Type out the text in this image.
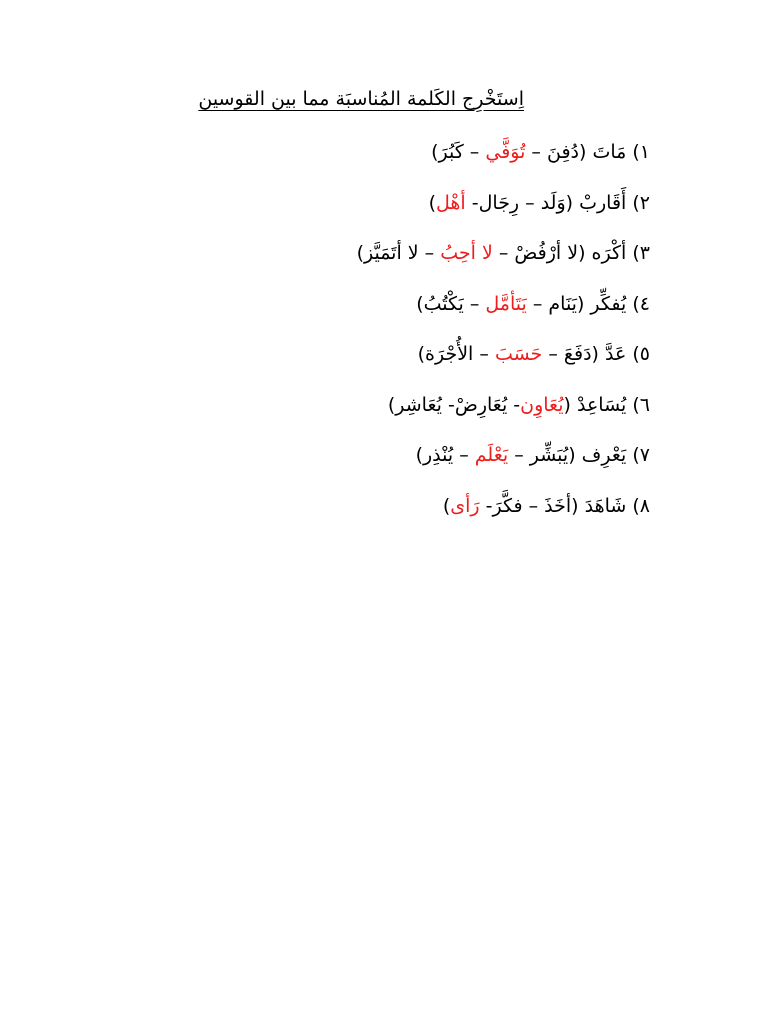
اِستَخْرِج الكَلمة المُناسبَة مما بين القوسين
١) مَاتَ (دُفِنَ – تُوَفَّي – كَبُرَ)
٢) أَقَاربْ (وَلَد – رِجَال- أهْل)
٣) أكْرَه (لا أرْفُضْ – لا أحِبُ – لا أتَمَيَّز)
٤) يُفكِّر (يَنَام – يَتَأمَّل – يَكْتُبُ)
٥) عَدَّ (دَفَعَ – حَسَبَ – الأُجْرَة)
٦) يُسَاعِدْ (يُعَاوِن- يُعَارِضْ- يُعَاشِر)
٧) يَعْرِف (يُبَشِّر – يَعْلَم – يُنْذِر)
٨) شَاهَدَ (أخَذَ – فكَّرَ- رَأى)
